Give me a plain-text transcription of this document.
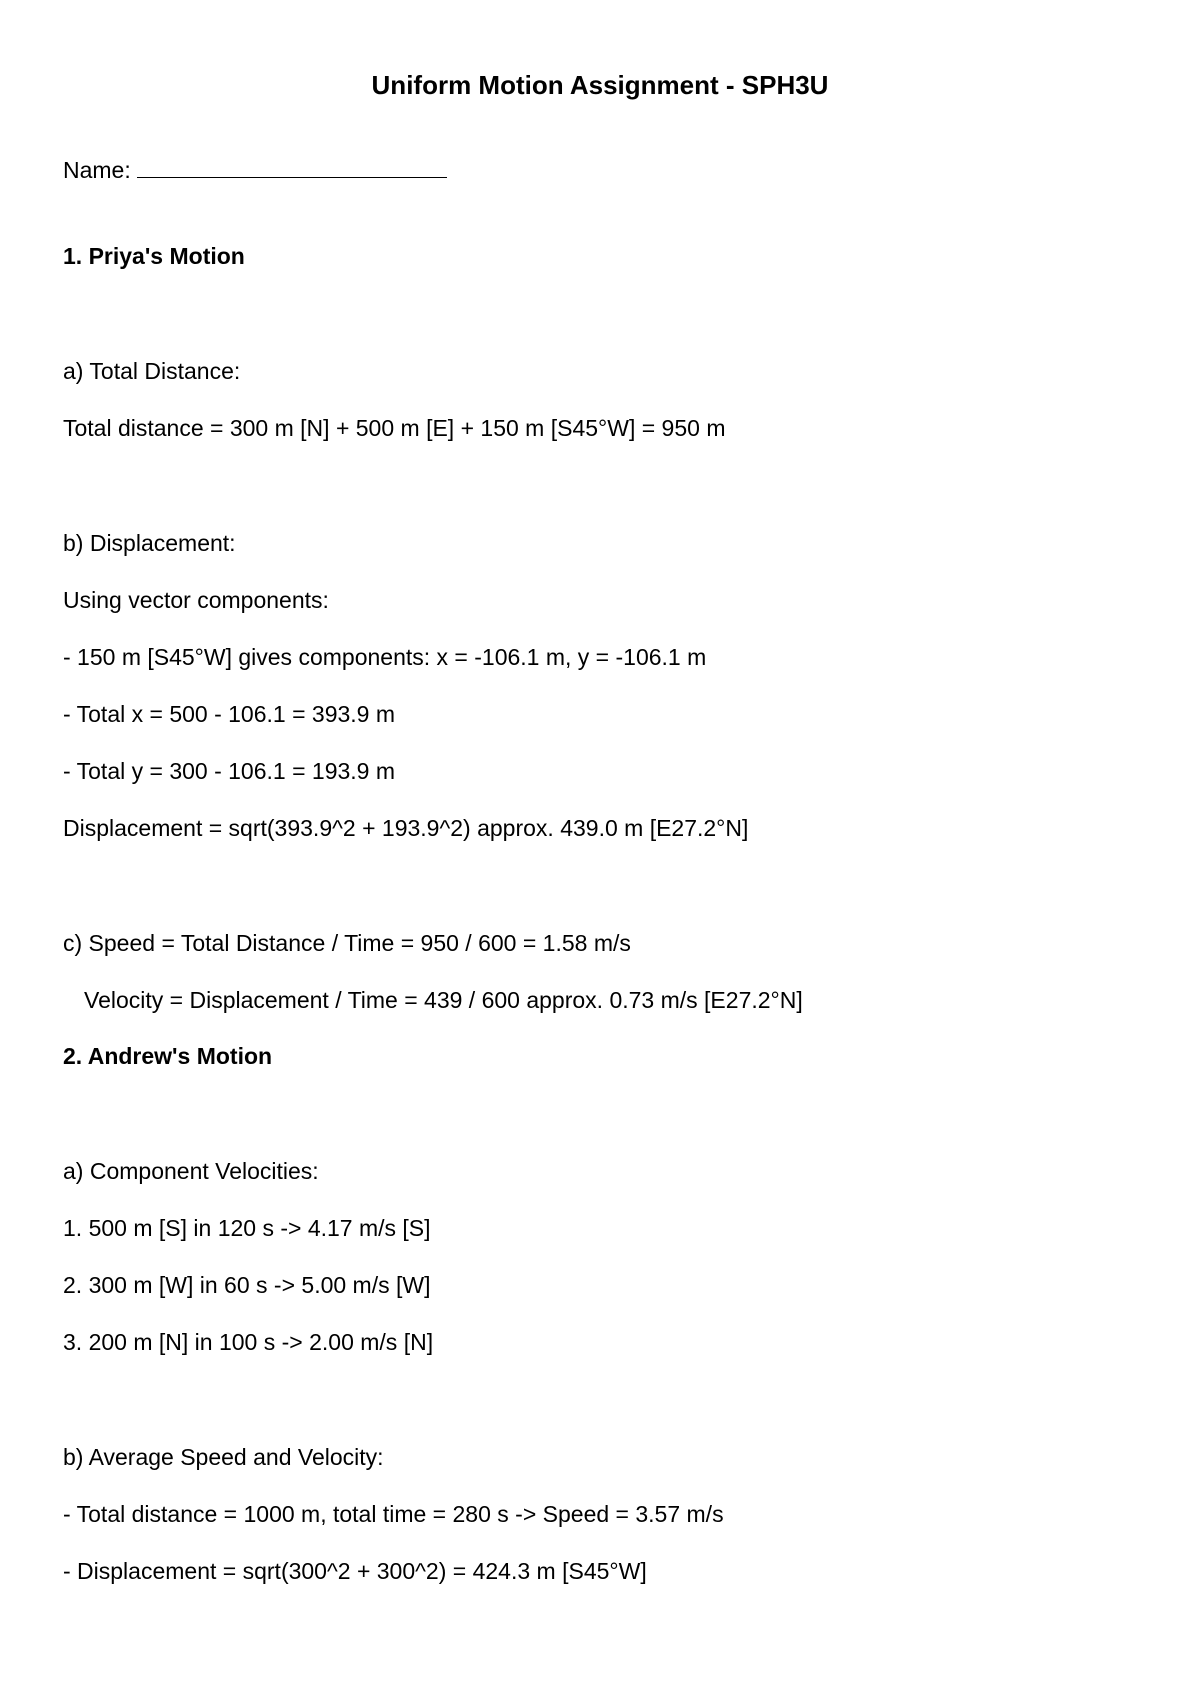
Uniform Motion Assignment - SPH3U
Name:
1. Priya's Motion
a) Total Distance:
Total distance = 300 m [N] + 500 m [E] + 150 m [S45°W] = 950 m
b) Displacement:
Using vector components:
- 150 m [S45°W] gives components: x = -106.1 m, y = -106.1 m
- Total x = 500 - 106.1 = 393.9 m
- Total y = 300 - 106.1 = 193.9 m
Displacement = sqrt(393.9^2 + 193.9^2) approx. 439.0 m [E27.2°N]
c) Speed = Total Distance / Time = 950 / 600 = 1.58 m/s
Velocity = Displacement / Time = 439 / 600 approx. 0.73 m/s [E27.2°N]
2. Andrew's Motion
a) Component Velocities:
1. 500 m [S] in 120 s -> 4.17 m/s [S]
2. 300 m [W] in 60 s -> 5.00 m/s [W]
3. 200 m [N] in 100 s -> 2.00 m/s [N]
b) Average Speed and Velocity:
- Total distance = 1000 m, total time = 280 s -> Speed = 3.57 m/s
- Displacement = sqrt(300^2 + 300^2) = 424.3 m [S45°W]
